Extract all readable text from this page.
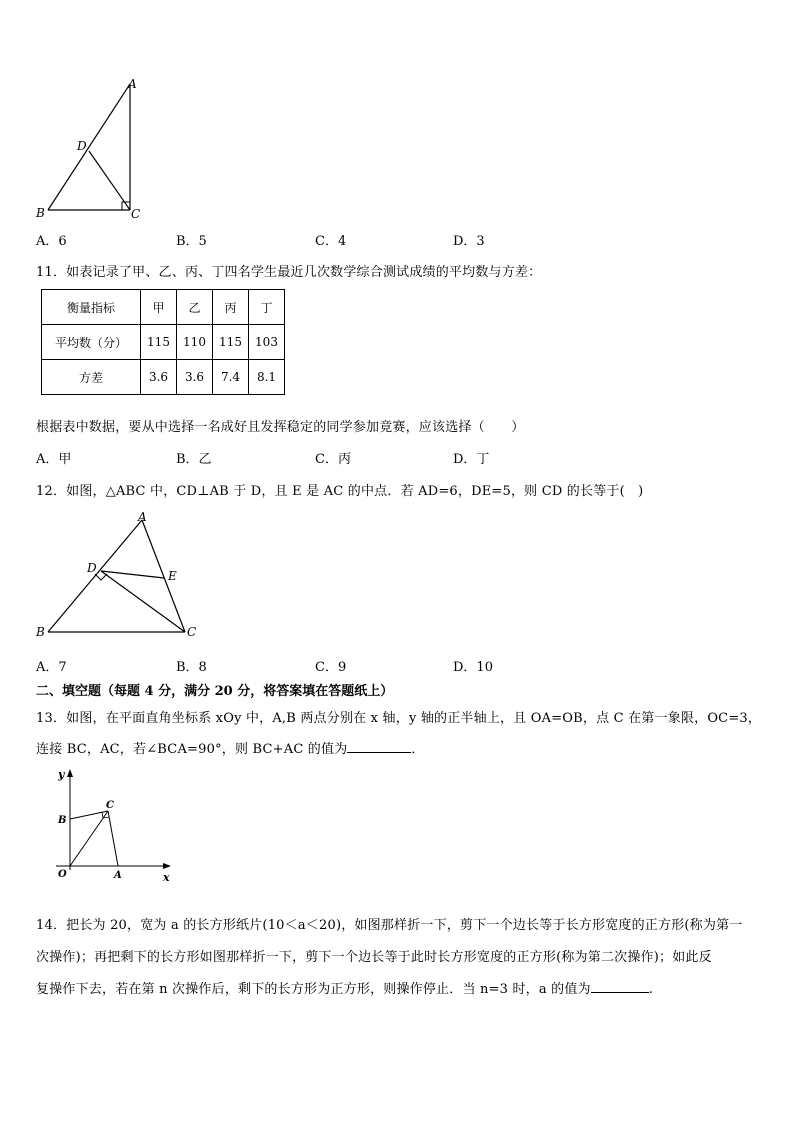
A
D
B	C
A．6	B．5	C．4	D．3
11．如表记录了甲、乙、丙、丁四名学生最近几次数学综合测试成绩的平均数与方差：
衡量指标	甲	乙	丙	丁
平均数（分）	115	110	115	103
方差	3.6	3.6	7.4	8.1
根据表中数据，要从中选择一名成好且发挥稳定的同学参加竟赛，应该选择（　　）
A．甲	B．乙	C．丙	D．丁
12．如图，△ABC 中，CD⊥AB 于 D，且 E 是 AC 的中点．若 AD=6，DE=5，则 CD 的长等于(　)
A
D
E
B	C
A．7	B．8	C．9	D．10
二、填空题（每题 4 分，满分 20 分，将答案填在答题纸上）
13．如图，在平面直角坐标系 xOy 中，A,B 两点分别在 x 轴，y 轴的正半轴上，且 OA=OB，点 C 在第一象限，OC=3，
连接 BC，AC，若∠BCA=90°，则 BC+AC 的值为	．
y
B
C
O	A	x
14．把长为 20，宽为 a 的长方形纸片(10＜a＜20)，如图那样折一下，剪下一个边长等于长方形宽度的正方形(称为第一
次操作)；再把剩下的长方形如图那样折一下，剪下一个边长等于此时长方形宽度的正方形(称为第二次操作)；如此反
复操作下去，若在第 n 次操作后，剩下的长方形为正方形，则操作停止．当 n=3 时，a 的值为	.
